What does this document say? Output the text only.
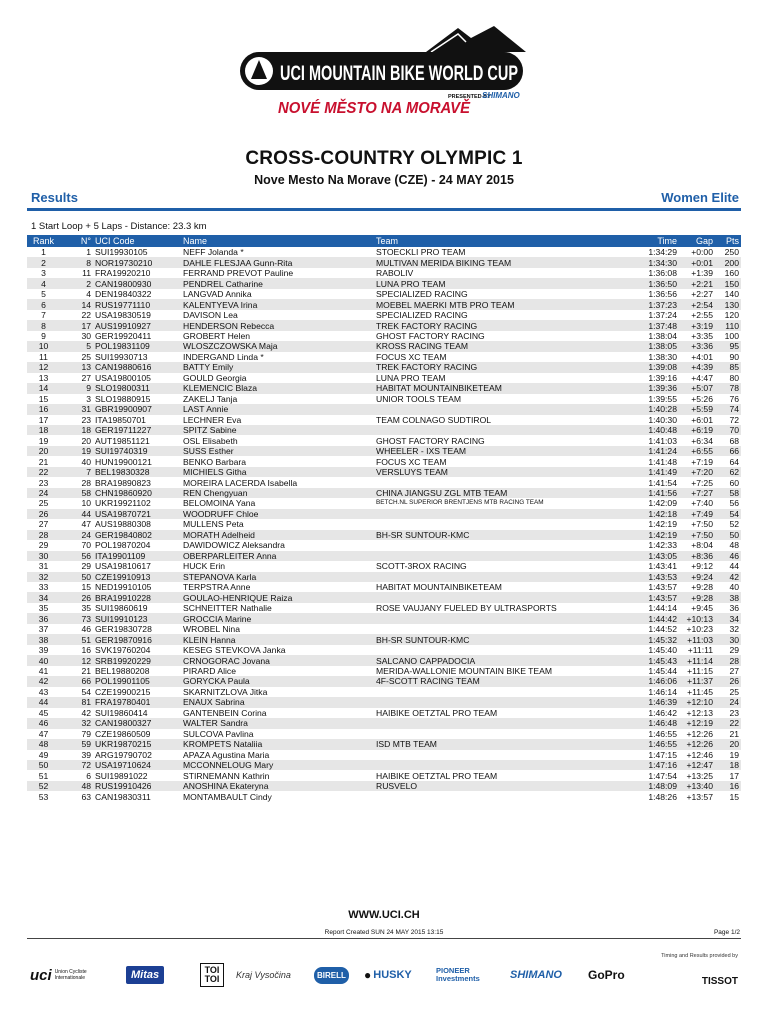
UCI MOUNTAIN BIKE WORLD CUP
PRESENTED BY
SHIMANO
NOVÉ MĚSTO NA MORAVĚ
CROSS-COUNTRY OLYMPIC 1
Nove Mesto Na Morave (CZE) - 24 MAY 2015
Results	Women Elite
1 Start Loop + 5 Laps - Distance: 23.3 km
Rank	N°	UCI Code	Name	Team	Time	Gap	Pts
1	1	SUI19930105	NEFF Jolanda *	STOECKLI PRO TEAM	1:34:29	+0:00	250
2	8	NOR19730210	DAHLE FLESJAA Gunn-Rita	MULTIVAN MERIDA BIKING TEAM	1:34:30	+0:01	200
3	11	FRA19920210	FERRAND PREVOT Pauline	RABOLIV	1:36:08	+1:39	160
4	2	CAN19800930	PENDREL Catharine	LUNA PRO TEAM	1:36:50	+2:21	150
5	4	DEN19840322	LANGVAD Annika	SPECIALIZED RACING	1:36:56	+2:27	140
6	14	RUS19771110	KALENTYEVA Irina	MOEBEL MAERKI MTB PRO TEAM	1:37:23	+2:54	130
7	22	USA19830519	DAVISON Lea	SPECIALIZED RACING	1:37:24	+2:55	120
8	17	AUS19910927	HENDERSON Rebecca	TREK FACTORY RACING	1:37:48	+3:19	110
9	30	GER19920411	GROBERT Helen	GHOST FACTORY RACING	1:38:04	+3:35	100
10	5	POL19831109	WLOSZCZOWSKA Maja	KROSS RACING TEAM	1:38:05	+3:36	95
11	25	SUI19930713	INDERGAND Linda *	FOCUS XC TEAM	1:38:30	+4:01	90
12	13	CAN19880616	BATTY Emily	TREK FACTORY RACING	1:39:08	+4:39	85
13	27	USA19800105	GOULD Georgia	LUNA PRO TEAM	1:39:16	+4:47	80
14	9	SLO19800311	KLEMENCIC Blaza	HABITAT MOUNTAINBIKETEAM	1:39:36	+5:07	78
15	3	SLO19880915	ZAKELJ Tanja	UNIOR TOOLS TEAM	1:39:55	+5:26	76
16	31	GBR19900907	LAST Annie		1:40:28	+5:59	74
17	23	ITA19850701	LECHNER Eva	TEAM COLNAGO SUDTIROL	1:40:30	+6:01	72
18	18	GER19711227	SPITZ Sabine		1:40:48	+6:19	70
19	20	AUT19851121	OSL Elisabeth	GHOST FACTORY RACING	1:41:03	+6:34	68
20	19	SUI19740319	SUSS Esther	WHEELER - IXS TEAM	1:41:24	+6:55	66
21	40	HUN19900121	BENKO Barbara	FOCUS XC TEAM	1:41:48	+7:19	64
22	7	BEL19830328	MICHIELS Githa	VERSLUYS TEAM	1:41:49	+7:20	62
23	28	BRA19890823	MOREIRA LACERDA Isabella		1:41:54	+7:25	60
24	58	CHN19860920	REN Chengyuan	CHINA JIANGSU ZGL MTB TEAM	1:41:56	+7:27	58
25	10	UKR19921102	BELOMOINA Yana	BETCH.NL SUPERIOR BRENTJENS MTB RACING TEAM	1:42:09	+7:40	56
26	44	USA19870721	WOODRUFF Chloe		1:42:18	+7:49	54
27	47	AUS19880308	MULLENS Peta		1:42:19	+7:50	52
28	24	GER19840802	MORATH Adelheid	BH-SR SUNTOUR-KMC	1:42:19	+7:50	50
29	70	POL19870204	DAWIDOWICZ Aleksandra		1:42:33	+8:04	48
30	56	ITA19901109	OBERPARLEITER Anna		1:43:05	+8:36	46
31	29	USA19810617	HUCK Erin	SCOTT-3ROX RACING	1:43:41	+9:12	44
32	50	CZE19910913	STEPANOVA Karla		1:43:53	+9:24	42
33	15	NED19910105	TERPSTRA Anne	HABITAT MOUNTAINBIKETEAM	1:43:57	+9:28	40
34	26	BRA19910228	GOULAO-HENRIQUE Raiza		1:43:57	+9:28	38
35	35	SUI19860619	SCHNEITTER Nathalie	ROSE VAUJANY FUELED BY ULTRASPORTS	1:44:14	+9:45	36
36	73	SUI19910123	GROCCIA Marine		1:44:42	+10:13	34
37	46	GER19830728	WROBEL Nina		1:44:52	+10:23	32
38	51	GER19870916	KLEIN Hanna	BH-SR SUNTOUR-KMC	1:45:32	+11:03	30
39	16	SVK19760204	KESEG STEVKOVA Janka		1:45:40	+11:11	29
40	12	SRB19920229	CRNOGORAC Jovana	SALCANO CAPPADOCIA	1:45:43	+11:14	28
41	21	BEL19880208	PIRARD Alice	MERIDA-WALLONIE MOUNTAIN BIKE TEAM	1:45:44	+11:15	27
42	66	POL19901105	GORYCKA Paula	4F-SCOTT RACING TEAM	1:46:06	+11:37	26
43	54	CZE19900215	SKARNITZLOVA Jitka		1:46:14	+11:45	25
44	81	FRA19780401	ENAUX Sabrina		1:46:39	+12:10	24
45	42	SUI19860414	GANTENBEIN Corina	HAIBIKE OETZTAL PRO TEAM	1:46:42	+12:13	23
46	32	CAN19800327	WALTER Sandra		1:46:48	+12:19	22
47	79	CZE19860509	SULCOVA Pavlina		1:46:55	+12:26	21
48	59	UKR19870215	KROMPETS Nataliia	ISD MTB TEAM	1:46:55	+12:26	20
49	39	ARG19790702	APAZA Agustina Maria		1:47:15	+12:46	19
50	72	USA19710624	MCCONNELOUG Mary		1:47:16	+12:47	18
51	6	SUI19891022	STIRNEMANN Kathrin	HAIBIKE OETZTAL PRO TEAM	1:47:54	+13:25	17
52	48	RUS19910426	ANOSHINA Ekateryna	RUSVELO	1:48:09	+13:40	16
53	63	CAN19830311	MONTAMBAULT Cindy		1:48:26	+13:57	15
WWW.UCI.CH
Report Created SUN 24 MAY 2015 13:15	Page 1/2
Timing and Results provided by
uci Union Cycliste Internationale	Mitas	TOI TOI	Kraj Vysočina	BIRELL ● HUSKY	PIONEER Investments	SHIMANO GoPro	TISSOT
